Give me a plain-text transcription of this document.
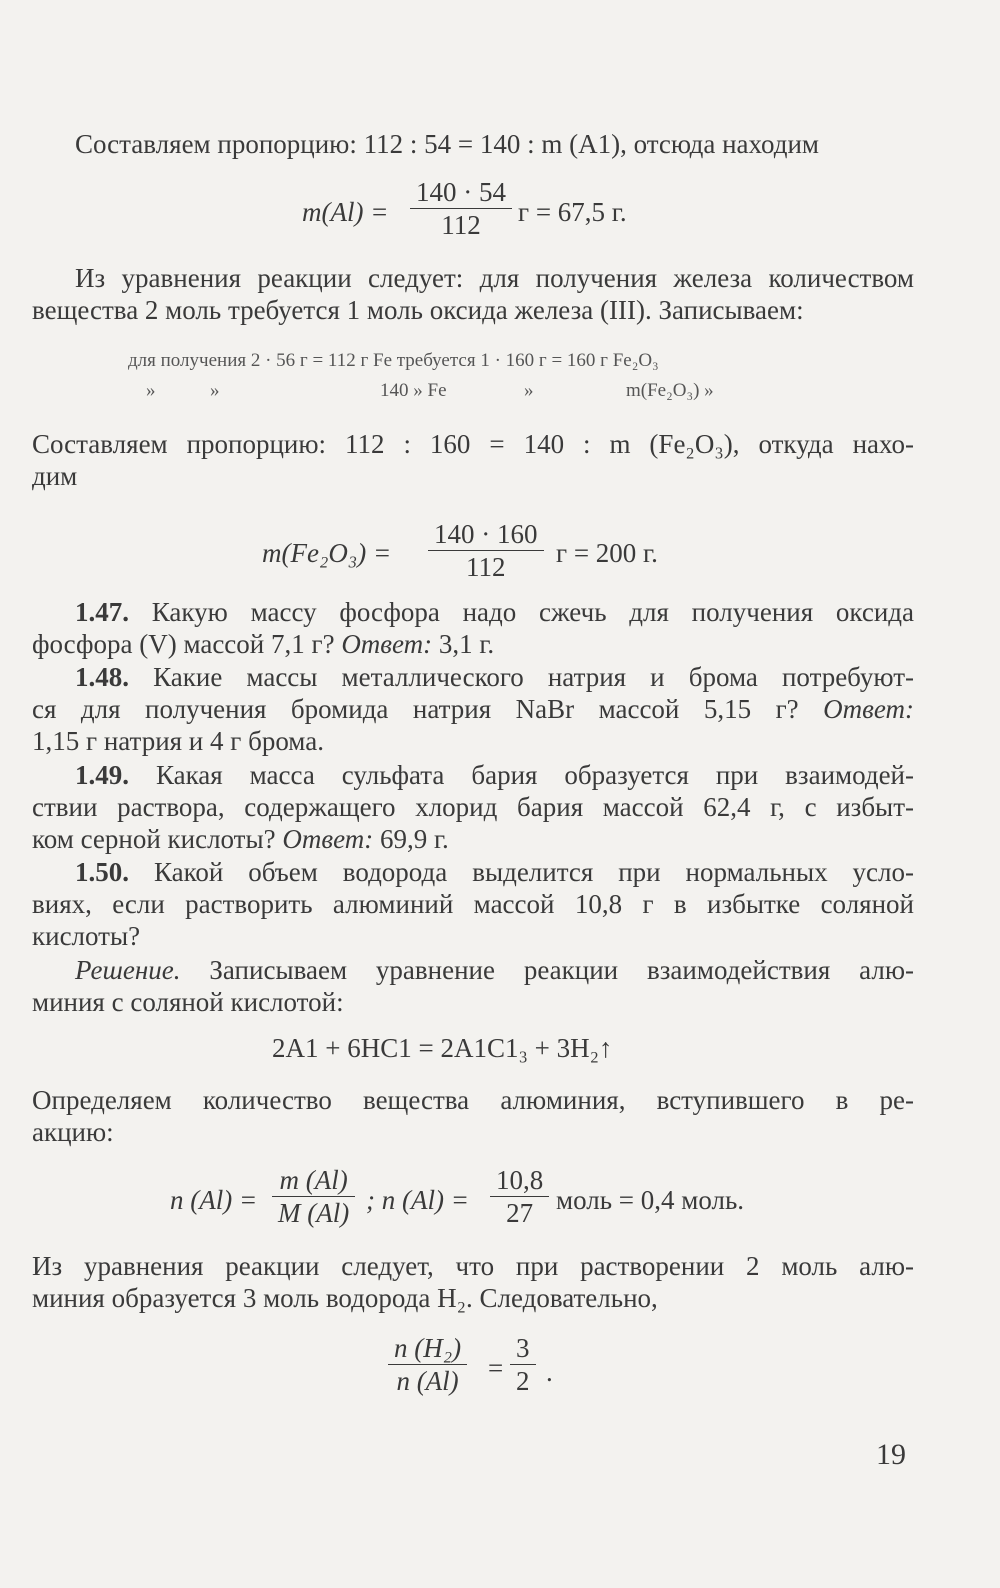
Составляем пропорцию: 112 : 54 = 140 : m (A1), отсюда находим
m(Al) =
140 · 54
112	г = 67,5 г.
Из уравнения реакции следует: для получения железа количеством
вещества 2 моль требуется 1 моль оксида железа (III). Записываем:
для получения 2 · 56 г = 112 г Fe требуется 1 · 160 г = 160 г Fe₂O₃
»	»	140 » Fe	»	m(Fe₂O₃) »
Составляем пропорцию: 112 : 160 = 140 : m (Fe₂O₃), откуда нахо-
дим
m(Fe₂O₃) =
140 · 160
112	г = 200 г.
1.47. Какую массу фосфора надо сжечь для получения оксида
фосфора (V) массой 7,1 г? Ответ: 3,1 г.
1.48. Какие массы металлического натрия и брома потребуют-
ся для получения бромида натрия NaBr массой 5,15 г? Ответ:
1,15 г натрия и 4 г брома.
1.49. Какая масса сульфата бария образуется при взаимодей-
ствии раствора, содержащего хлорид бария массой 62,4 г, с избыт-
ком серной кислоты? Ответ: 69,9 г.
1.50. Какой объем водорода выделится при нормальных усло-
виях, если растворить алюминий массой 10,8 г в избытке соляной
кислоты?
Решение. Записываем уравнение реакции взаимодействия алю-
миния с соляной кислотой:
2A1 + 6HC1 = 2A1C1₃ + 3H₂↑
Определяем количество вещества алюминия, вступившего в ре-
акцию:
n (Al) =
m (Al)
M (Al) ; n (Al) =
10,8
27 моль = 0,4 моль.
Из уравнения реакции следует, что при растворении 2 моль алю-
миния образуется 3 моль водорода H₂. Следовательно,
n (H₂)
n (Al)	=
3
2 .
19
